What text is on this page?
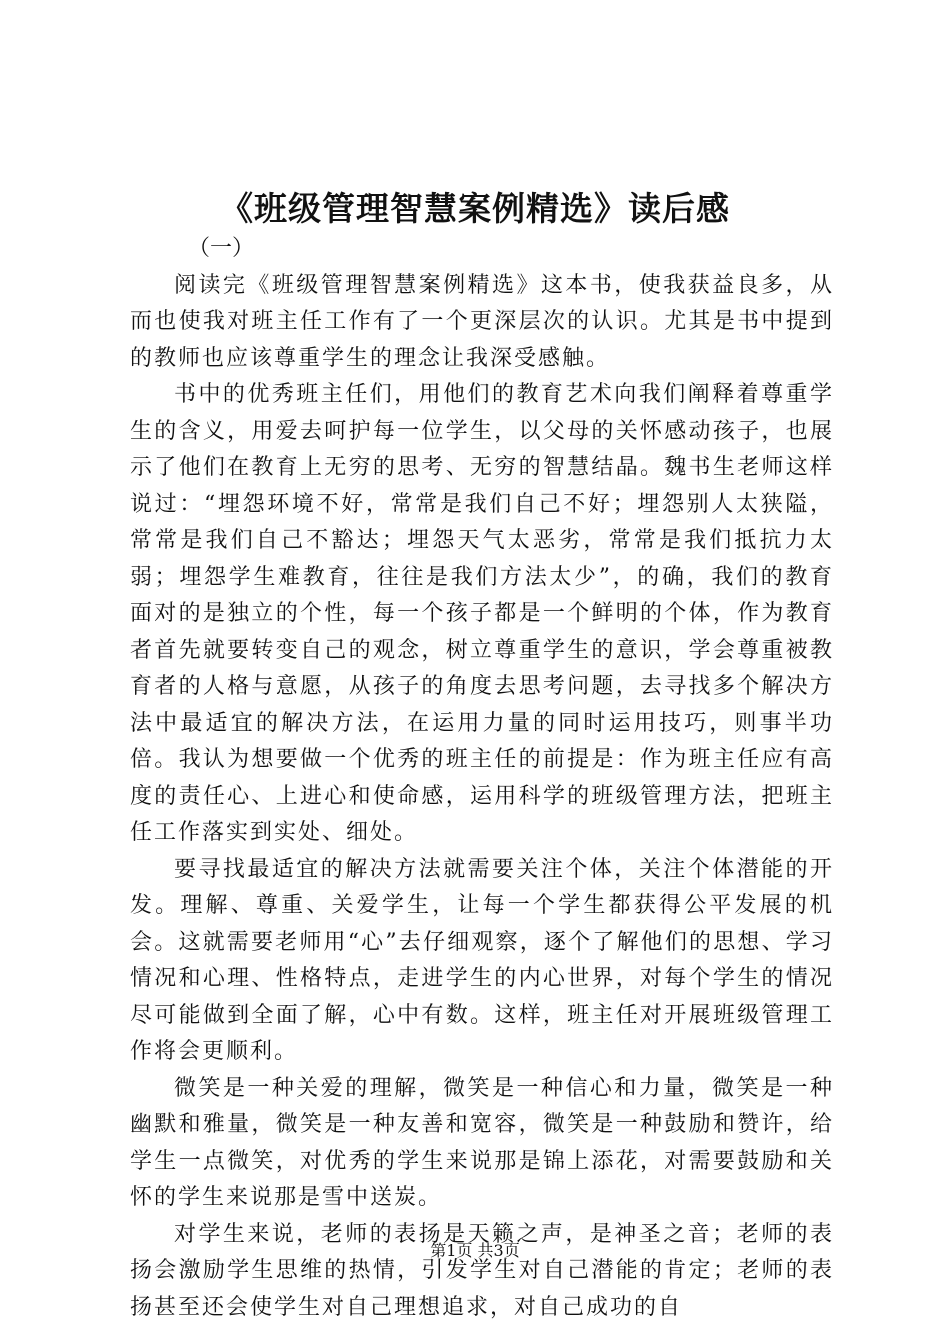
《班级管理智慧案例精选》读后感

（一）

阅读完《班级管理智慧案例精选》这本书，使我获益良多，从而也使我对班主任工作有了一个更深层次的认识。尤其是书中提到的教师也应该尊重学生的理念让我深受感触。

书中的优秀班主任们，用他们的教育艺术向我们阐释着尊重学生的含义，用爱去呵护每一位学生，以父母的关怀感动孩子，也展示了他们在教育上无穷的思考、无穷的智慧结晶。魏书生老师这样说过：“埋怨环境不好，常常是我们自己不好；埋怨别人太狭隘，常常是我们自己不豁达；埋怨天气太恶劣，常常是我们抵抗力太弱；埋怨学生难教育，往往是我们方法太少”，的确，我们的教育面对的是独立的个性，每一个孩子都是一个鲜明的个体，作为教育者首先就要转变自己的观念，树立尊重学生的意识，学会尊重被教育者的人格与意愿，从孩子的角度去思考问题，去寻找多个解决方法中最适宜的解决方法，在运用力量的同时运用技巧，则事半功倍。我认为想要做一个优秀的班主任的前提是：作为班主任应有高度的责任心、上进心和使命感，运用科学的班级管理方法，把班主任工作落实到实处、细处。

要寻找最适宜的解决方法就需要关注个体，关注个体潜能的开发。理解、尊重、关爱学生，让每一个学生都获得公平发展的机会。这就需要老师用“心”去仔细观察，逐个了解他们的思想、学习情况和心理、性格特点，走进学生的内心世界，对每个学生的情况尽可能做到全面了解，心中有数。这样，班主任对开展班级管理工作将会更顺利。

微笑是一种关爱的理解，微笑是一种信心和力量，微笑是一种幽默和雅量，微笑是一种友善和宽容，微笑是一种鼓励和赞许，给学生一点微笑，对优秀的学生来说那是锦上添花，对需要鼓励和关怀的学生来说那是雪中送炭。

对学生来说，老师的表扬是天籁之声，是神圣之音；老师的表扬会激励学生思维的热情，引发学生对自己潜能的肯定；老师的表扬甚至还会使学生对自己理想追求，对自己成功的自

第1页 共3页
